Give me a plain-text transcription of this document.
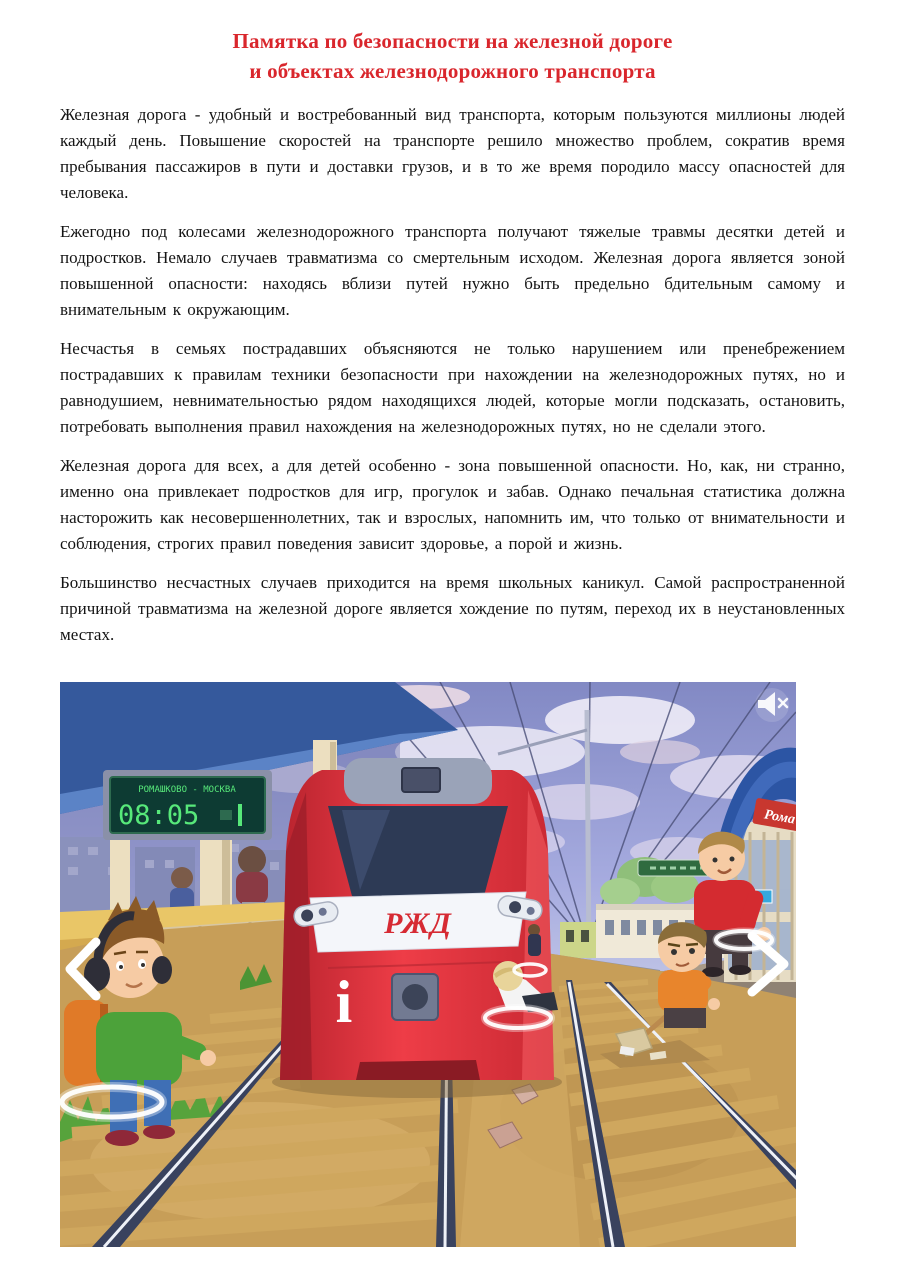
Памятка по безопасности на железной дороге
и объектах железнодорожного транспорта

Железная дорога - удобный и востребованный вид транспорта, которым пользуются миллионы людей каждый день. Повышение скоростей на транспорте решило множество проблем, сократив время пребывания пассажиров в пути и доставки грузов, и в то же время породило массу опасностей для человека.

Ежегодно под колесами железнодорожного транспорта получают тяжелые травмы десятки детей и подростков. Немало случаев травматизма со смертельным исходом. Железная дорога является зоной повышенной опасности: находясь вблизи путей нужно быть предельно бдительным самому и внимательным к окружающим.

Несчастья в семьях пострадавших объясняются не только нарушением или пренебрежением пострадавших к правилам техники безопасности при нахождении на железнодорожных путях, но и равнодушием, невнимательностью рядом находящихся людей, которые могли подсказать, остановить, потребовать выполнения правил нахождения на железнодорожных путях, но не сделали этого.

Железная дорога для всех, а для детей особенно - зона повышенной опасности. Но, как, ни странно, именно она привлекает подростков для игр, прогулок и забав. Однако печальная статистика должна насторожить как несовершеннолетних, так и взрослых, напомнить им, что только от внимательности и соблюдения, строгих правил поведения зависит здоровье, а порой и жизнь.

Большинство несчастных случаев приходится на время школьных каникул. Самой распространенной причиной травматизма на железной дороге является хождение по путям, переход их в неустановленных местах.

Рома
РОМАШКОВО - МОСКВА
08:05
РЖД
i
